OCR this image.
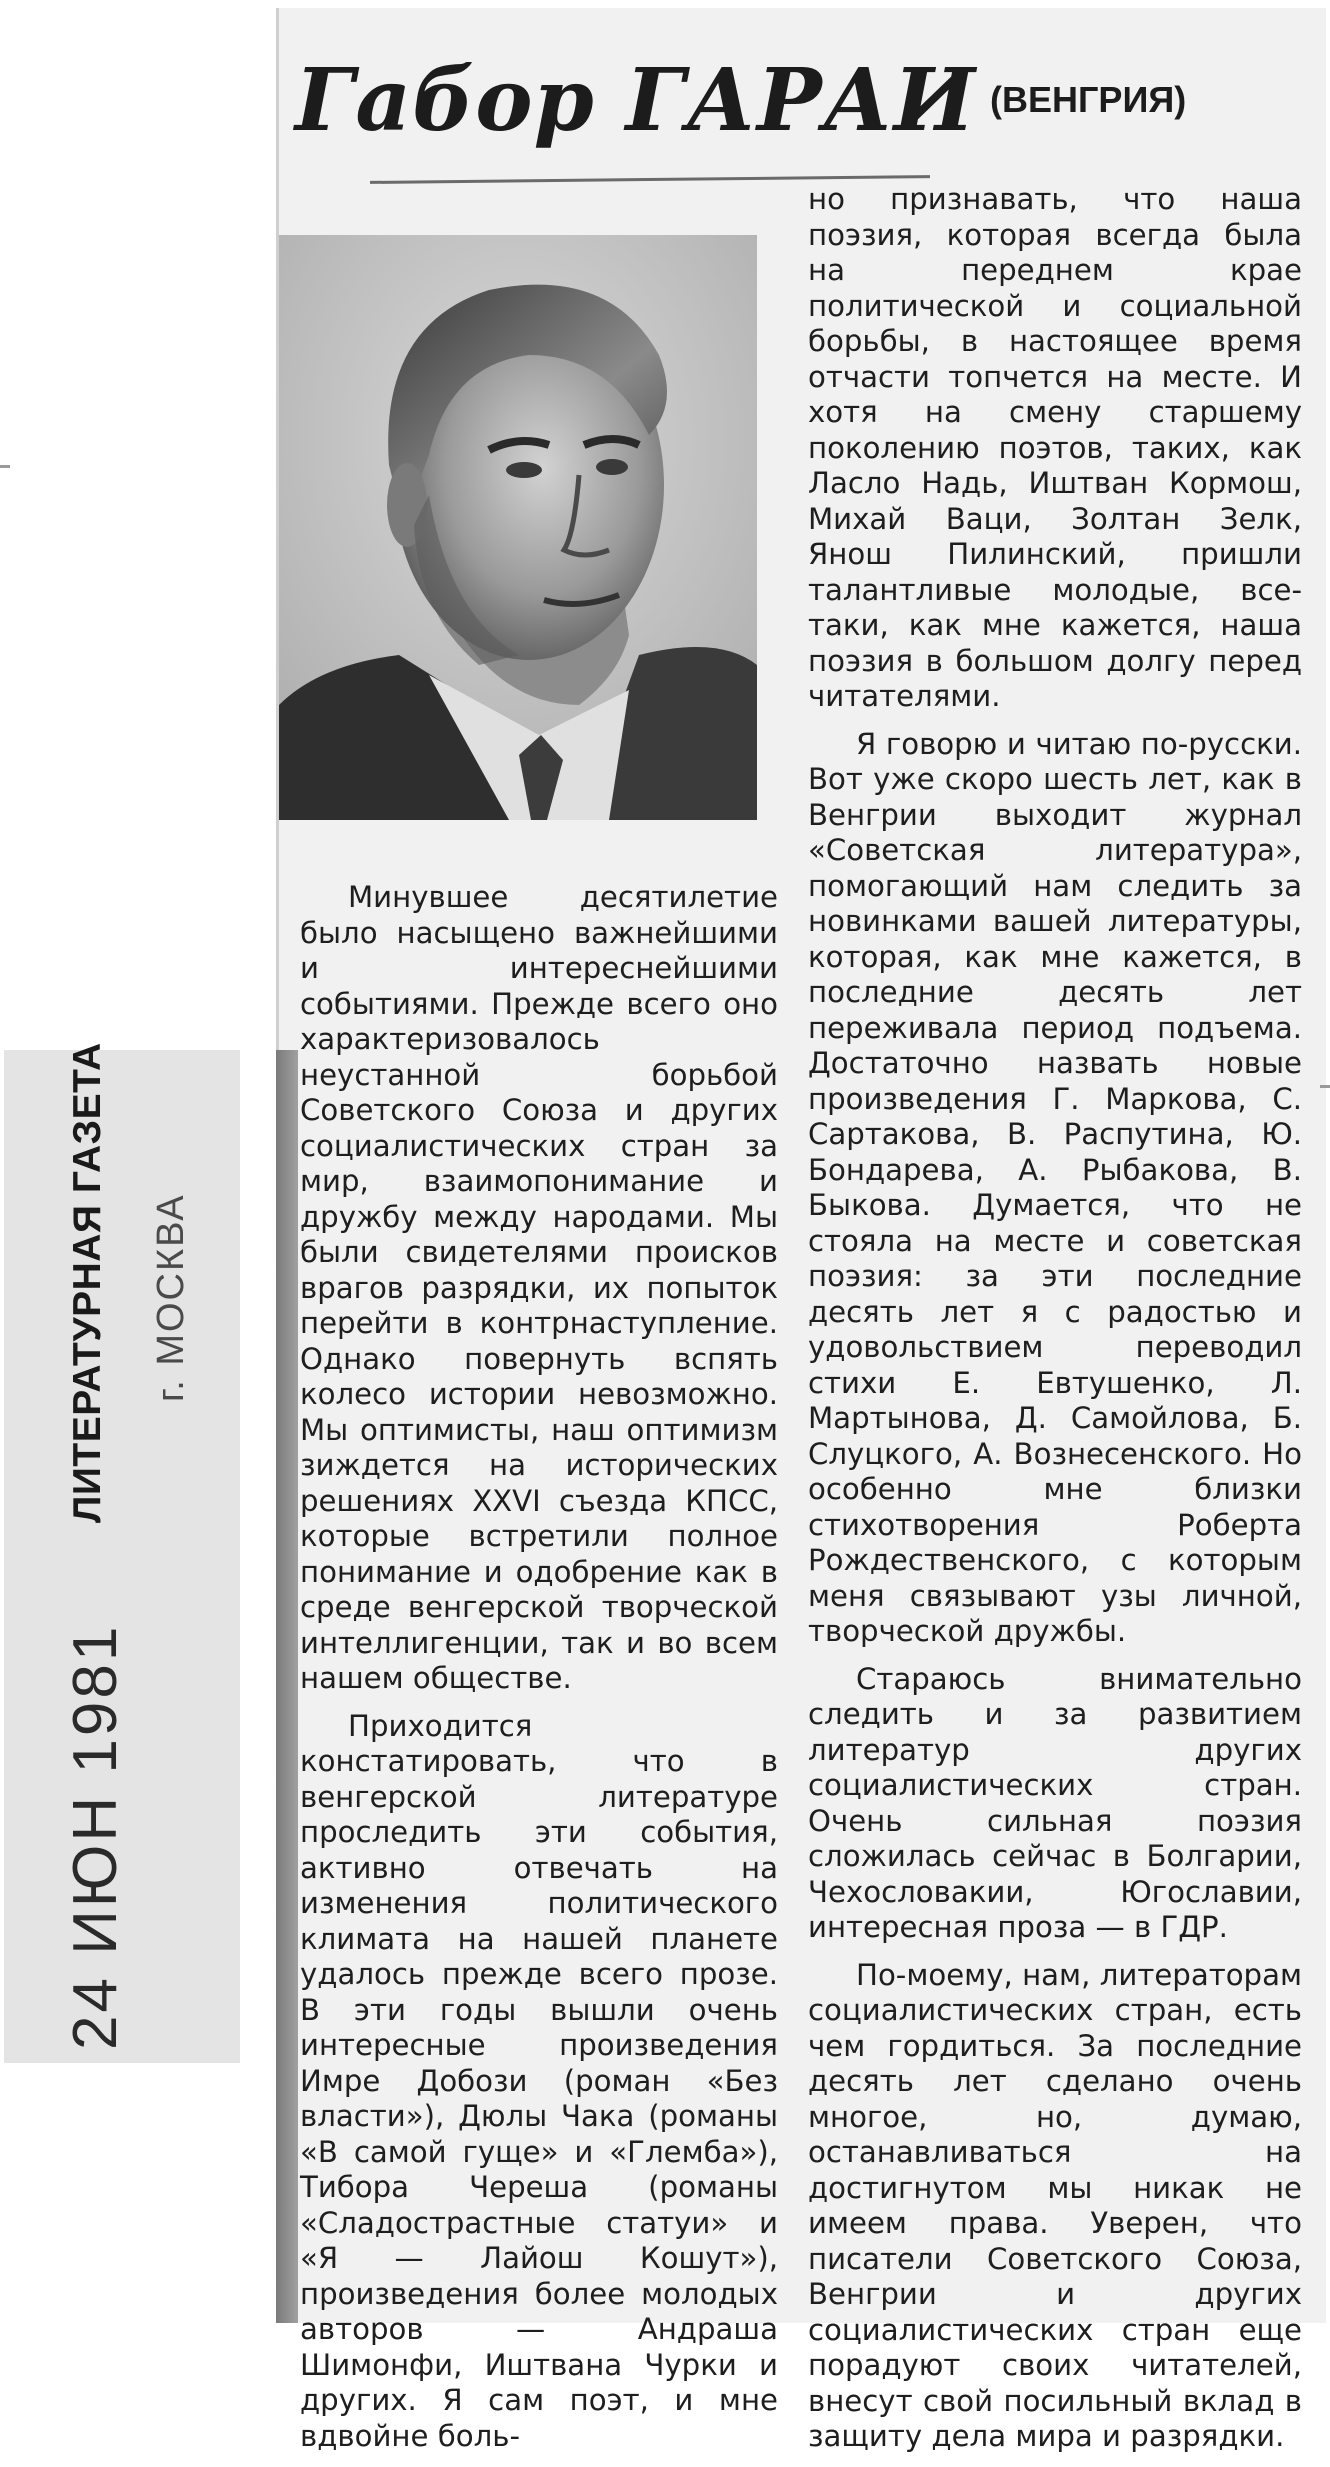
Габор ГАРАИ (ВЕНГРИЯ)

Минувшее десятилетие было насыщено важнейшими и интереснейшими событиями. Прежде всего оно характеризовалось неустанной борьбой Советского Союза и других социалистических стран за мир, взаимопонимание и дружбу между народами. Мы были свидетелями происков врагов разрядки, их попыток перейти в контрнаступление. Однако повернуть вспять колесо истории невозможно. Мы оптимисты, наш оптимизм зиждется на исторических решениях XXVI съезда КПСС, которые встретили полное понимание и одобрение как в среде венгерской творческой интеллигенции, так и во всем нашем обществе.

Приходится констатировать, что в венгерской литературе проследить эти события, активно отвечать на изменения политического климата на нашей планете удалось прежде всего прозе. В эти годы вышли очень интересные произведения Имре Добози (роман «Без власти»), Дюлы Чака (романы «В самой гуще» и «Глемба»), Тибора Череша (романы «Сладострастные статуи» и «Я — Лайош Кошут»), произведения более молодых авторов — Андраша Шимонфи, Иштвана Чурки и других. Я сам поэт, и мне вдвойне боль-

но признавать, что наша поэзия, которая всегда была на переднем крае политической и социальной борьбы, в настоящее время отчасти топчется на месте. И хотя на смену старшему поколению поэтов, таких, как Ласло Надь, Иштван Кормош, Михай Ваци, Золтан Зелк, Янош Пилинский, пришли талантливые молодые, все-таки, как мне кажется, наша поэзия в большом долгу перед читателями.

Я говорю и читаю по-русски. Вот уже скоро шесть лет, как в Венгрии выходит журнал «Советская литература», помогающий нам следить за новинками вашей литературы, которая, как мне кажется, в последние десять лет переживала период подъема. Достаточно назвать новые произведения Г. Маркова, С. Сартакова, В. Распутина, Ю. Бондарева, А. Рыбакова, В. Быкова. Думается, что не стояла на месте и советская поэзия: за эти последние десять лет я с радостью и удовольствием переводил стихи Е. Евтушенко, Л. Мартынова, Д. Самойлова, Б. Слуцкого, А. Вознесенского. Но особенно мне близки стихотворения Роберта Рождественского, с которым меня связывают узы личной, творческой дружбы.

Стараюсь внимательно следить и за развитием литератур других социалистических стран. Очень сильная поэзия сложилась сейчас в Болгарии, Чехословакии, Югославии, интересная проза — в ГДР.

По-моему, нам, литераторам социалистических стран, есть чем гордиться. За последние десять лет сделано очень многое, но, думаю, останавливаться на достигнутом мы никак не имеем права. Уверен, что писатели Советского Союза, Венгрии и других социалистических стран еще порадуют своих читателей, внесут свой посильный вклад в защиту дела мира и разрядки.

ЛИТЕРАТУРНАЯ ГАЗЕТА г. МОСКВА
24 ИЮН 1981
